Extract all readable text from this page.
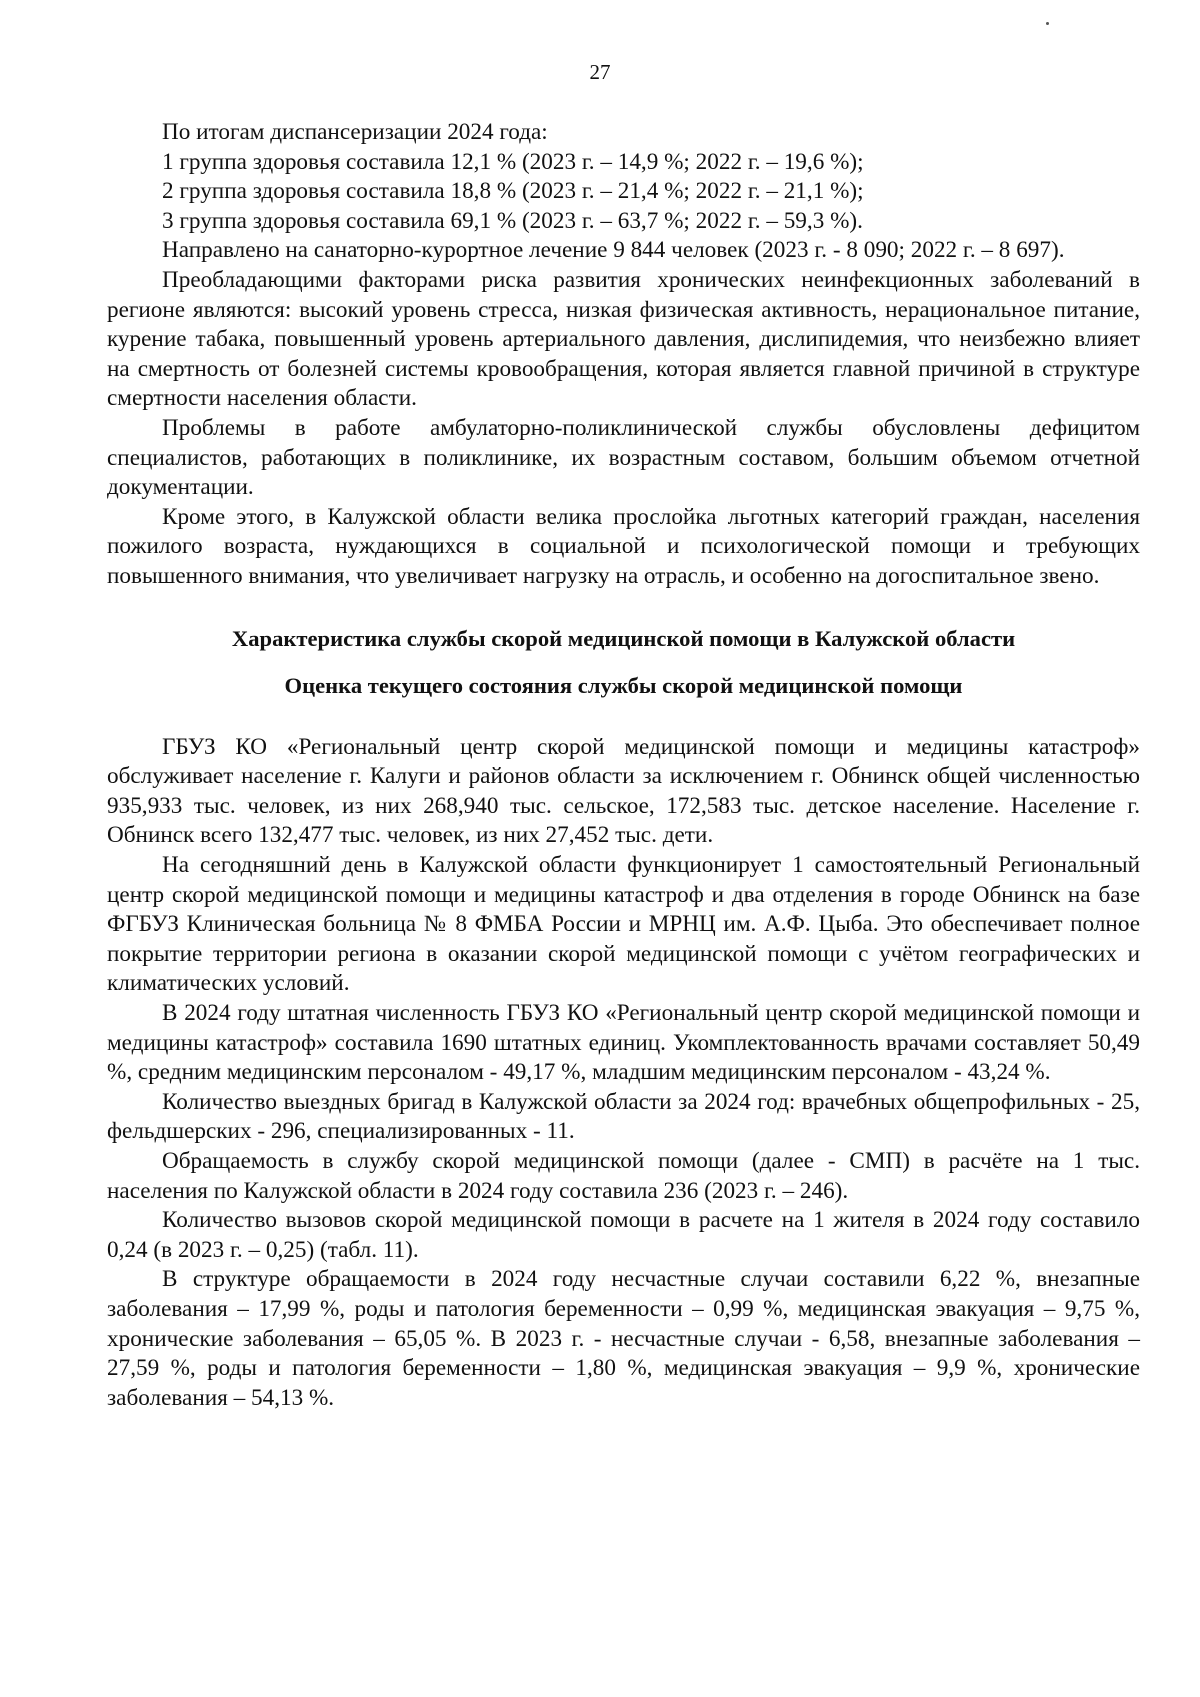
27
По итогам диспансеризации 2024 года:
1 группа здоровья составила 12,1 % (2023 г. – 14,9 %; 2022 г. – 19,6 %);
2 группа здоровья составила 18,8 % (2023 г. – 21,4 %; 2022 г. – 21,1 %);
3 группа здоровья составила 69,1 % (2023 г. – 63,7 %; 2022 г. – 59,3 %).
Направлено на санаторно-курортное лечение 9 844 человек (2023 г. - 8 090; 2022 г. – 8 697).
Преобладающими факторами риска развития хронических неинфекционных заболеваний в регионе являются: высокий уровень стресса, низкая физическая активность, нерациональное питание, курение табака, повышенный уровень артериального давления, дислипидемия, что неизбежно влияет на смертность от болезней системы кровообращения, которая является главной причиной в структуре смертности населения области.
Проблемы в работе амбулаторно-поликлинической службы обусловлены дефицитом специалистов, работающих в поликлинике, их возрастным составом, большим объемом отчетной документации.
Кроме этого, в Калужской области велика прослойка льготных категорий граждан, населения пожилого возраста, нуждающихся в социальной и психологической помощи и требующих повышенного внимания, что увеличивает нагрузку на отрасль, и особенно на догоспитальное звено.
Характеристика службы скорой медицинской помощи в Калужской области
Оценка текущего состояния службы скорой медицинской помощи
ГБУЗ КО «Региональный центр скорой медицинской помощи и медицины катастроф» обслуживает население г. Калуги и районов области за исключением г. Обнинск общей численностью 935,933 тыс. человек, из них 268,940 тыс. сельское, 172,583 тыс. детское население. Население г. Обнинск всего 132,477 тыс. человек, из них 27,452 тыс. дети.
На сегодняшний день в Калужской области функционирует 1 самостоятельный Региональный центр скорой медицинской помощи и медицины катастроф и два отделения в городе Обнинск на базе ФГБУЗ Клиническая больница № 8 ФМБА России и МРНЦ им. А.Ф. Цыба. Это обеспечивает полное покрытие территории региона в оказании скорой медицинской помощи с учётом географических и климатических условий.
В 2024 году штатная численность ГБУЗ КО «Региональный центр скорой медицинской помощи и медицины катастроф» составила 1690 штатных единиц. Укомплектованность врачами составляет 50,49 %, средним медицинским персоналом - 49,17 %, младшим медицинским персоналом - 43,24 %.
Количество выездных бригад в Калужской области за 2024 год: врачебных общепрофильных - 25, фельдшерских - 296, специализированных - 11.
Обращаемость в службу скорой медицинской помощи (далее - СМП) в расчёте на 1 тыс. населения по Калужской области в 2024 году составила 236 (2023 г. – 246).
Количество вызовов скорой медицинской помощи в расчете на 1 жителя в 2024 году составило 0,24 (в 2023 г. – 0,25) (табл. 11).
В структуре обращаемости в 2024 году несчастные случаи составили 6,22 %, внезапные заболевания – 17,99 %, роды и патология беременности – 0,99 %, медицинская эвакуация – 9,75 %, хронические заболевания – 65,05 %. В 2023 г. - несчастные случаи - 6,58, внезапные заболевания – 27,59 %, роды и патология беременности – 1,80 %, медицинская эвакуация – 9,9 %, хронические заболевания – 54,13 %.
